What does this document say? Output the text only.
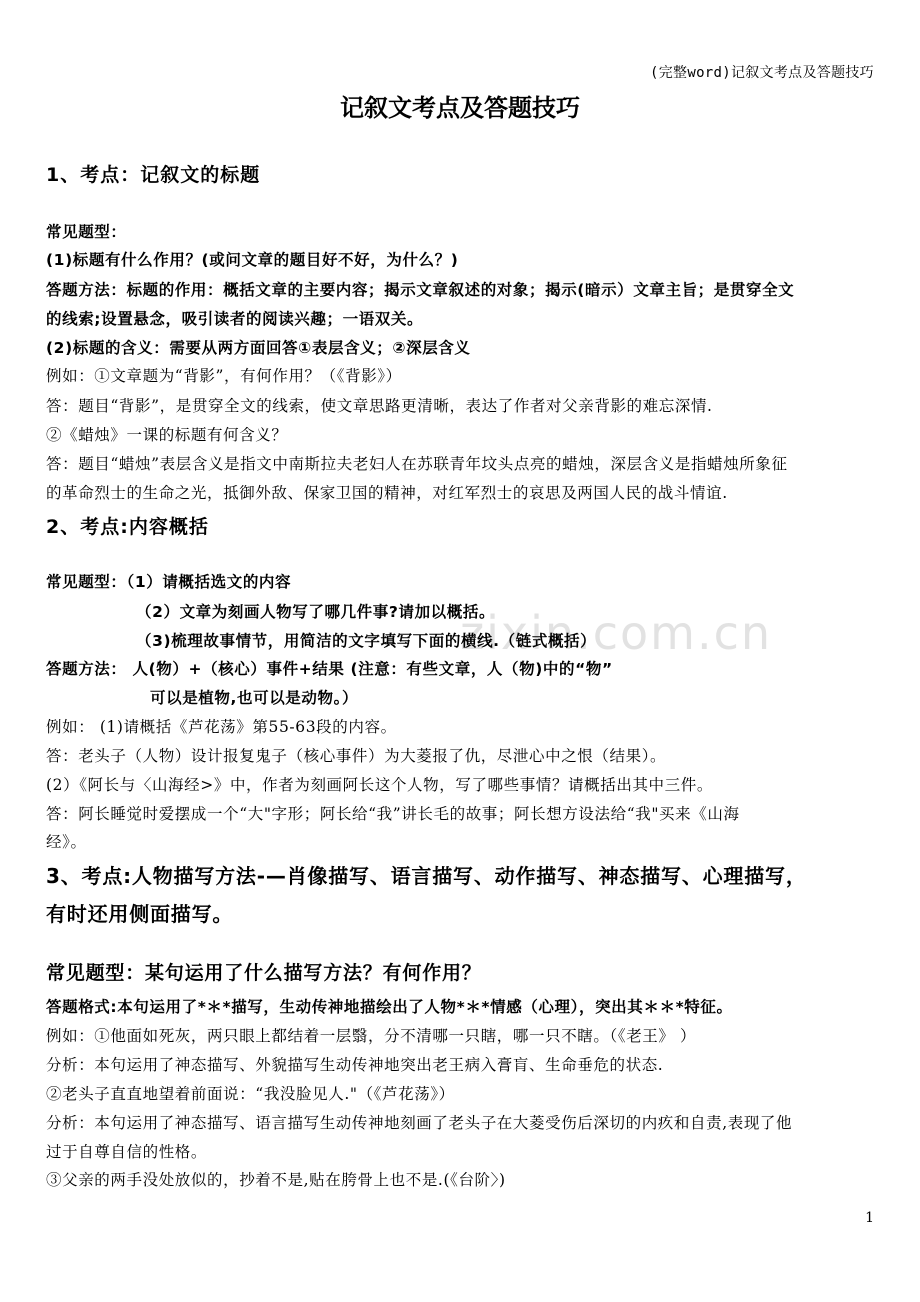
(完整word)记叙文考点及答题技巧
zixin.com.cn
记叙文考点及答题技巧
1、考点：记叙文的标题
常见题型：
(1)标题有什么作用？(或问文章的题目好不好，为什么？)
答题方法：标题的作用：概括文章的主要内容；揭示文章叙述的对象；揭示(暗示）文章主旨；是贯穿全文
的线索;设置悬念，吸引读者的阅读兴趣；一语双关。
(2)标题的含义：需要从两方面回答①表层含义；②深层含义
例如：①文章题为“背影”，有何作用？（《背影》）
答：题目“背影”，是贯穿全文的线索，使文章思路更清晰，表达了作者对父亲背影的难忘深情.
②《蜡烛》一课的标题有何含义？
答：题目“蜡烛”表层含义是指文中南斯拉夫老妇人在苏联青年坟头点亮的蜡烛，深层含义是指蜡烛所象征
的革命烈士的生命之光，抵御外敌、保家卫国的精神，对红军烈士的哀思及两国人民的战斗情谊.
2、考点:内容概括
常见题型：（1）请概括选文的内容
（2）文章为刻画人物写了哪几件事?请加以概括。
（3)梳理故事情节，用简洁的文字填写下面的横线.（链式概括）
答题方法： 人(物）+（核心）事件+结果 (注意：有些文章，人（物)中的“物”
可以是植物,也可以是动物。）
例如： (1)请概括《芦花荡》第55-63段的内容。
答：老头子（人物）设计报复鬼子（核心事件）为大菱报了仇，尽泄心中之恨（结果）。
(2）《阿长与〈山海经>》中，作者为刻画阿长这个人物，写了哪些事情？请概括出其中三件。
答：阿长睡觉时爱摆成一个“大"字形；阿长给“我”讲长毛的故事；阿长想方设法给“我"买来《山海
经》。
3、考点:人物描写方法-—肖像描写、语言描写、动作描写、神态描写、心理描写，
有时还用侧面描写。
常见题型：某句运用了什么描写方法？有何作用？
答题格式:本句运用了*＊*描写，生动传神地描绘出了人物*＊*情感（心理），突出其＊＊*特征。
例如：①他面如死灰，两只眼上都结着一层翳，分不清哪一只瞎，哪一只不瞎。（《老王》 ）
分析：本句运用了神态描写、外貌描写生动传神地突出老王病入膏肓、生命垂危的状态.
②老头子直直地望着前面说：“我没脸见人."（《芦花荡》）
分析：本句运用了神态描写、语言描写生动传神地刻画了老头子在大菱受伤后深切的内疚和自责,表现了他
过于自尊自信的性格。
③父亲的两手没处放似的，抄着不是,贴在胯骨上也不是.(《台阶〉)
1
